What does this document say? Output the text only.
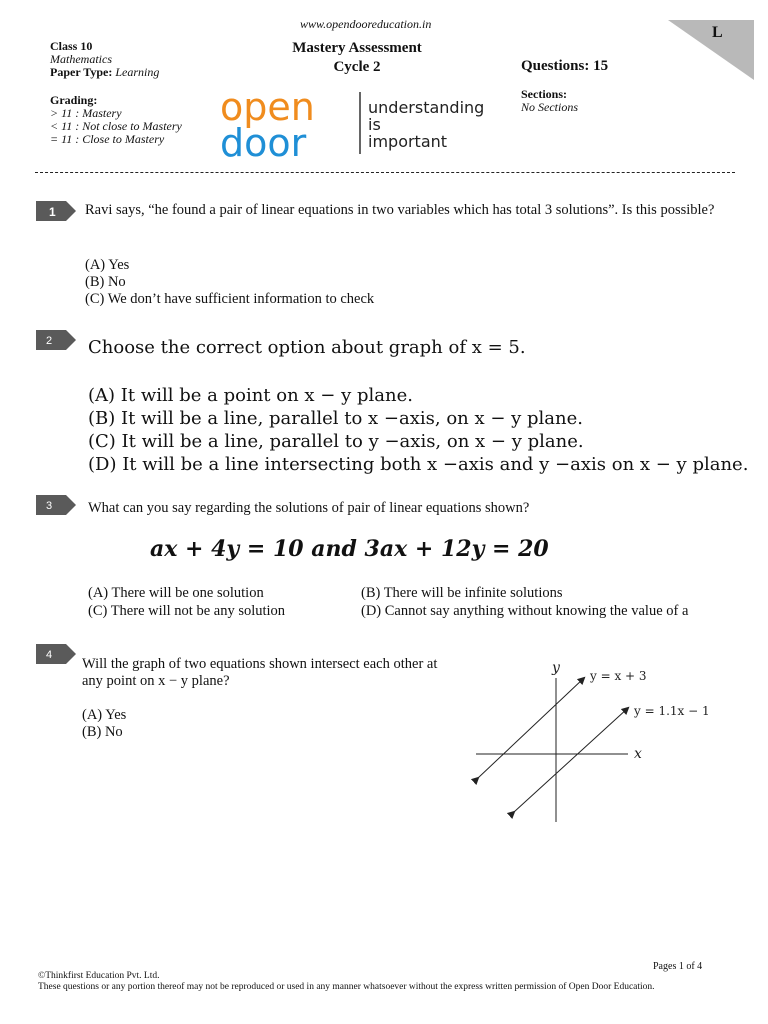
www.opendooreducation.in
Class 10
Mathematics
Paper Type: Learning
Mastery Assessment
Cycle 2	Questions: 15
Sections:
No Sections
Grading:
> 11 : Mastery
< 11 : Not close to Mastery
= 11 : Close to Mastery
L
open
door
understanding
is
important
1 Ravi says, “he found a pair of linear equations in two variables which has total 3 solutions”. Is this possible?
(A) Yes
(B) No
(C) We don’t have sufficient information to check
2 Choose the correct option about graph of x = 5.
(A) It will be a point on x − y plane.
(B) It will be a line, parallel to x −axis, on x − y plane.
(C) It will be a line, parallel to y −axis, on x − y plane.
(D) It will be a line intersecting both x −axis and y −axis on x − y plane.
3 What can you say regarding the solutions of pair of linear equations shown?
ax + 4y = 10 and 3ax + 12y = 20
(A) There will be one solution	(B) There will be infinite solutions
(C) There will not be any solution	(D) Cannot say anything without knowing the value of a
4
Will the graph of two equations shown intersect each other at
any point on x − y plane?
(A) Yes
(B) No
y
x
y = x + 3
y = 1.1x − 1
Pages 1 of 4
©Thinkfirst Education Pvt. Ltd.
These questions or any portion thereof may not be reproduced or used in any manner whatsoever without the express written permission of Open Door Education.
